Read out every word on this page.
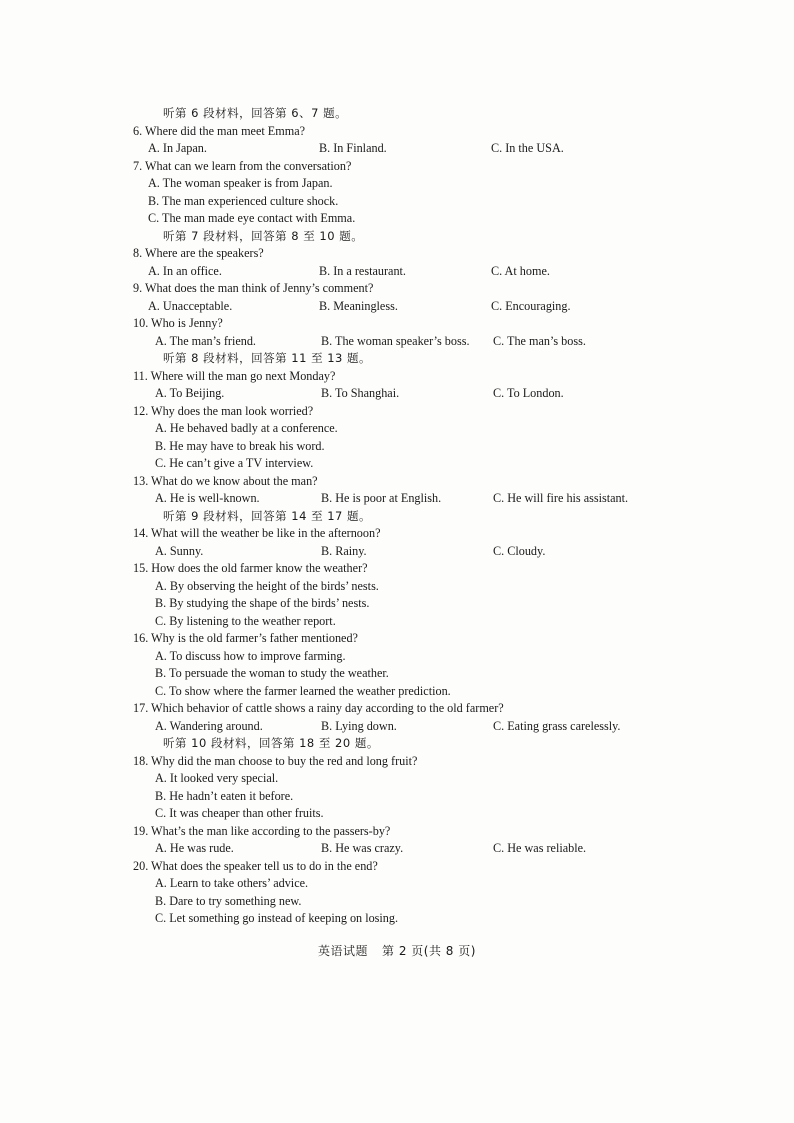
听第 6 段材料，回答第 6、7 题。
6. Where did the man meet Emma?
A. In Japan.	B. In Finland.	C. In the USA.
7. What can we learn from the conversation?
A. The woman speaker is from Japan.
B. The man experienced culture shock.
C. The man made eye contact with Emma.
听第 7 段材料，回答第 8 至 10 题。
8. Where are the speakers?
A. In an office.	B. In a restaurant.	C. At home.
9. What does the man think of Jenny’s comment?
A. Unacceptable.	B. Meaningless.	C. Encouraging.
10. Who is Jenny?
A. The man’s friend.	B. The woman speaker’s boss.	C. The man’s boss.
听第 8 段材料，回答第 11 至 13 题。
11. Where will the man go next Monday?
A. To Beijing.	B. To Shanghai.	C. To London.
12. Why does the man look worried?
A. He behaved badly at a conference.
B. He may have to break his word.
C. He can’t give a TV interview.
13. What do we know about the man?
A. He is well-known.	B. He is poor at English.	C. He will fire his assistant.
听第 9 段材料，回答第 14 至 17 题。
14. What will the weather be like in the afternoon?
A. Sunny.	B. Rainy.	C. Cloudy.
15. How does the old farmer know the weather?
A. By observing the height of the birds’ nests.
B. By studying the shape of the birds’ nests.
C. By listening to the weather report.
16. Why is the old farmer’s father mentioned?
A. To discuss how to improve farming.
B. To persuade the woman to study the weather.
C. To show where the farmer learned the weather prediction.
17. Which behavior of cattle shows a rainy day according to the old farmer?
A. Wandering around.	B. Lying down.	C. Eating grass carelessly.
听第 10 段材料，回答第 18 至 20 题。
18. Why did the man choose to buy the red and long fruit?
A. It looked very special.
B. He hadn’t eaten it before.
C. It was cheaper than other fruits.
19. What’s the man like according to the passers-by?
A. He was rude.	B. He was crazy.	C. He was reliable.
20. What does the speaker tell us to do in the end?
A. Learn to take others’ advice.
B. Dare to try something new.
C. Let something go instead of keeping on losing.
英语试题 第 2 页(共 8 页)
